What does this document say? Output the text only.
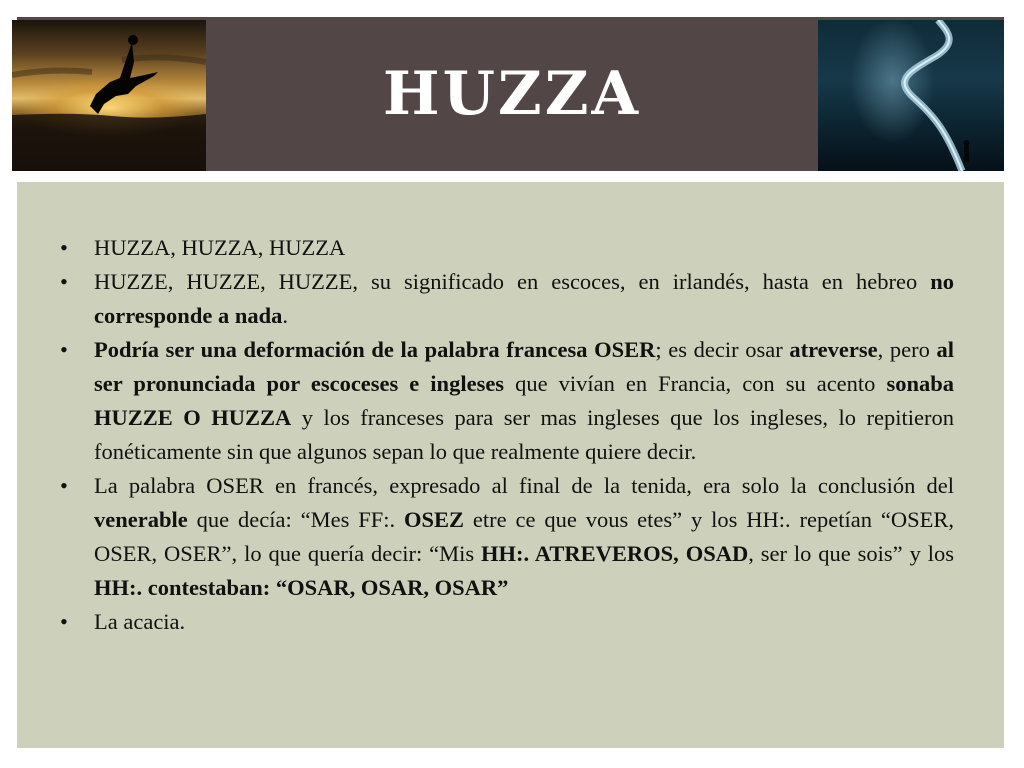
HUZZA
• HUZZA, HUZZA, HUZZA
• HUZZE, HUZZE, HUZZE, su significado en escoces, en irlandés, hasta en hebreo no corresponde a nada.
• Podría ser una deformación de la palabra francesa OSER; es decir osar atreverse, pero al ser pronunciada por escoceses e ingleses que vivían en Francia, con su acento sonaba HUZZE O HUZZA y los franceses para ser mas ingleses que los ingleses, lo repitieron fonéticamente sin que algunos sepan lo que realmente quiere decir.
• La palabra OSER en francés, expresado al final de la tenida, era solo la conclusión del venerable que decía: “Mes FF:. OSEZ etre ce que vous etes” y los HH:. repetían “OSER, OSER, OSER”, lo que quería decir: “Mis HH:. ATREVEROS, OSAD, ser lo que sois” y los HH:. contestaban: “OSAR, OSAR, OSAR”
• La acacia.
